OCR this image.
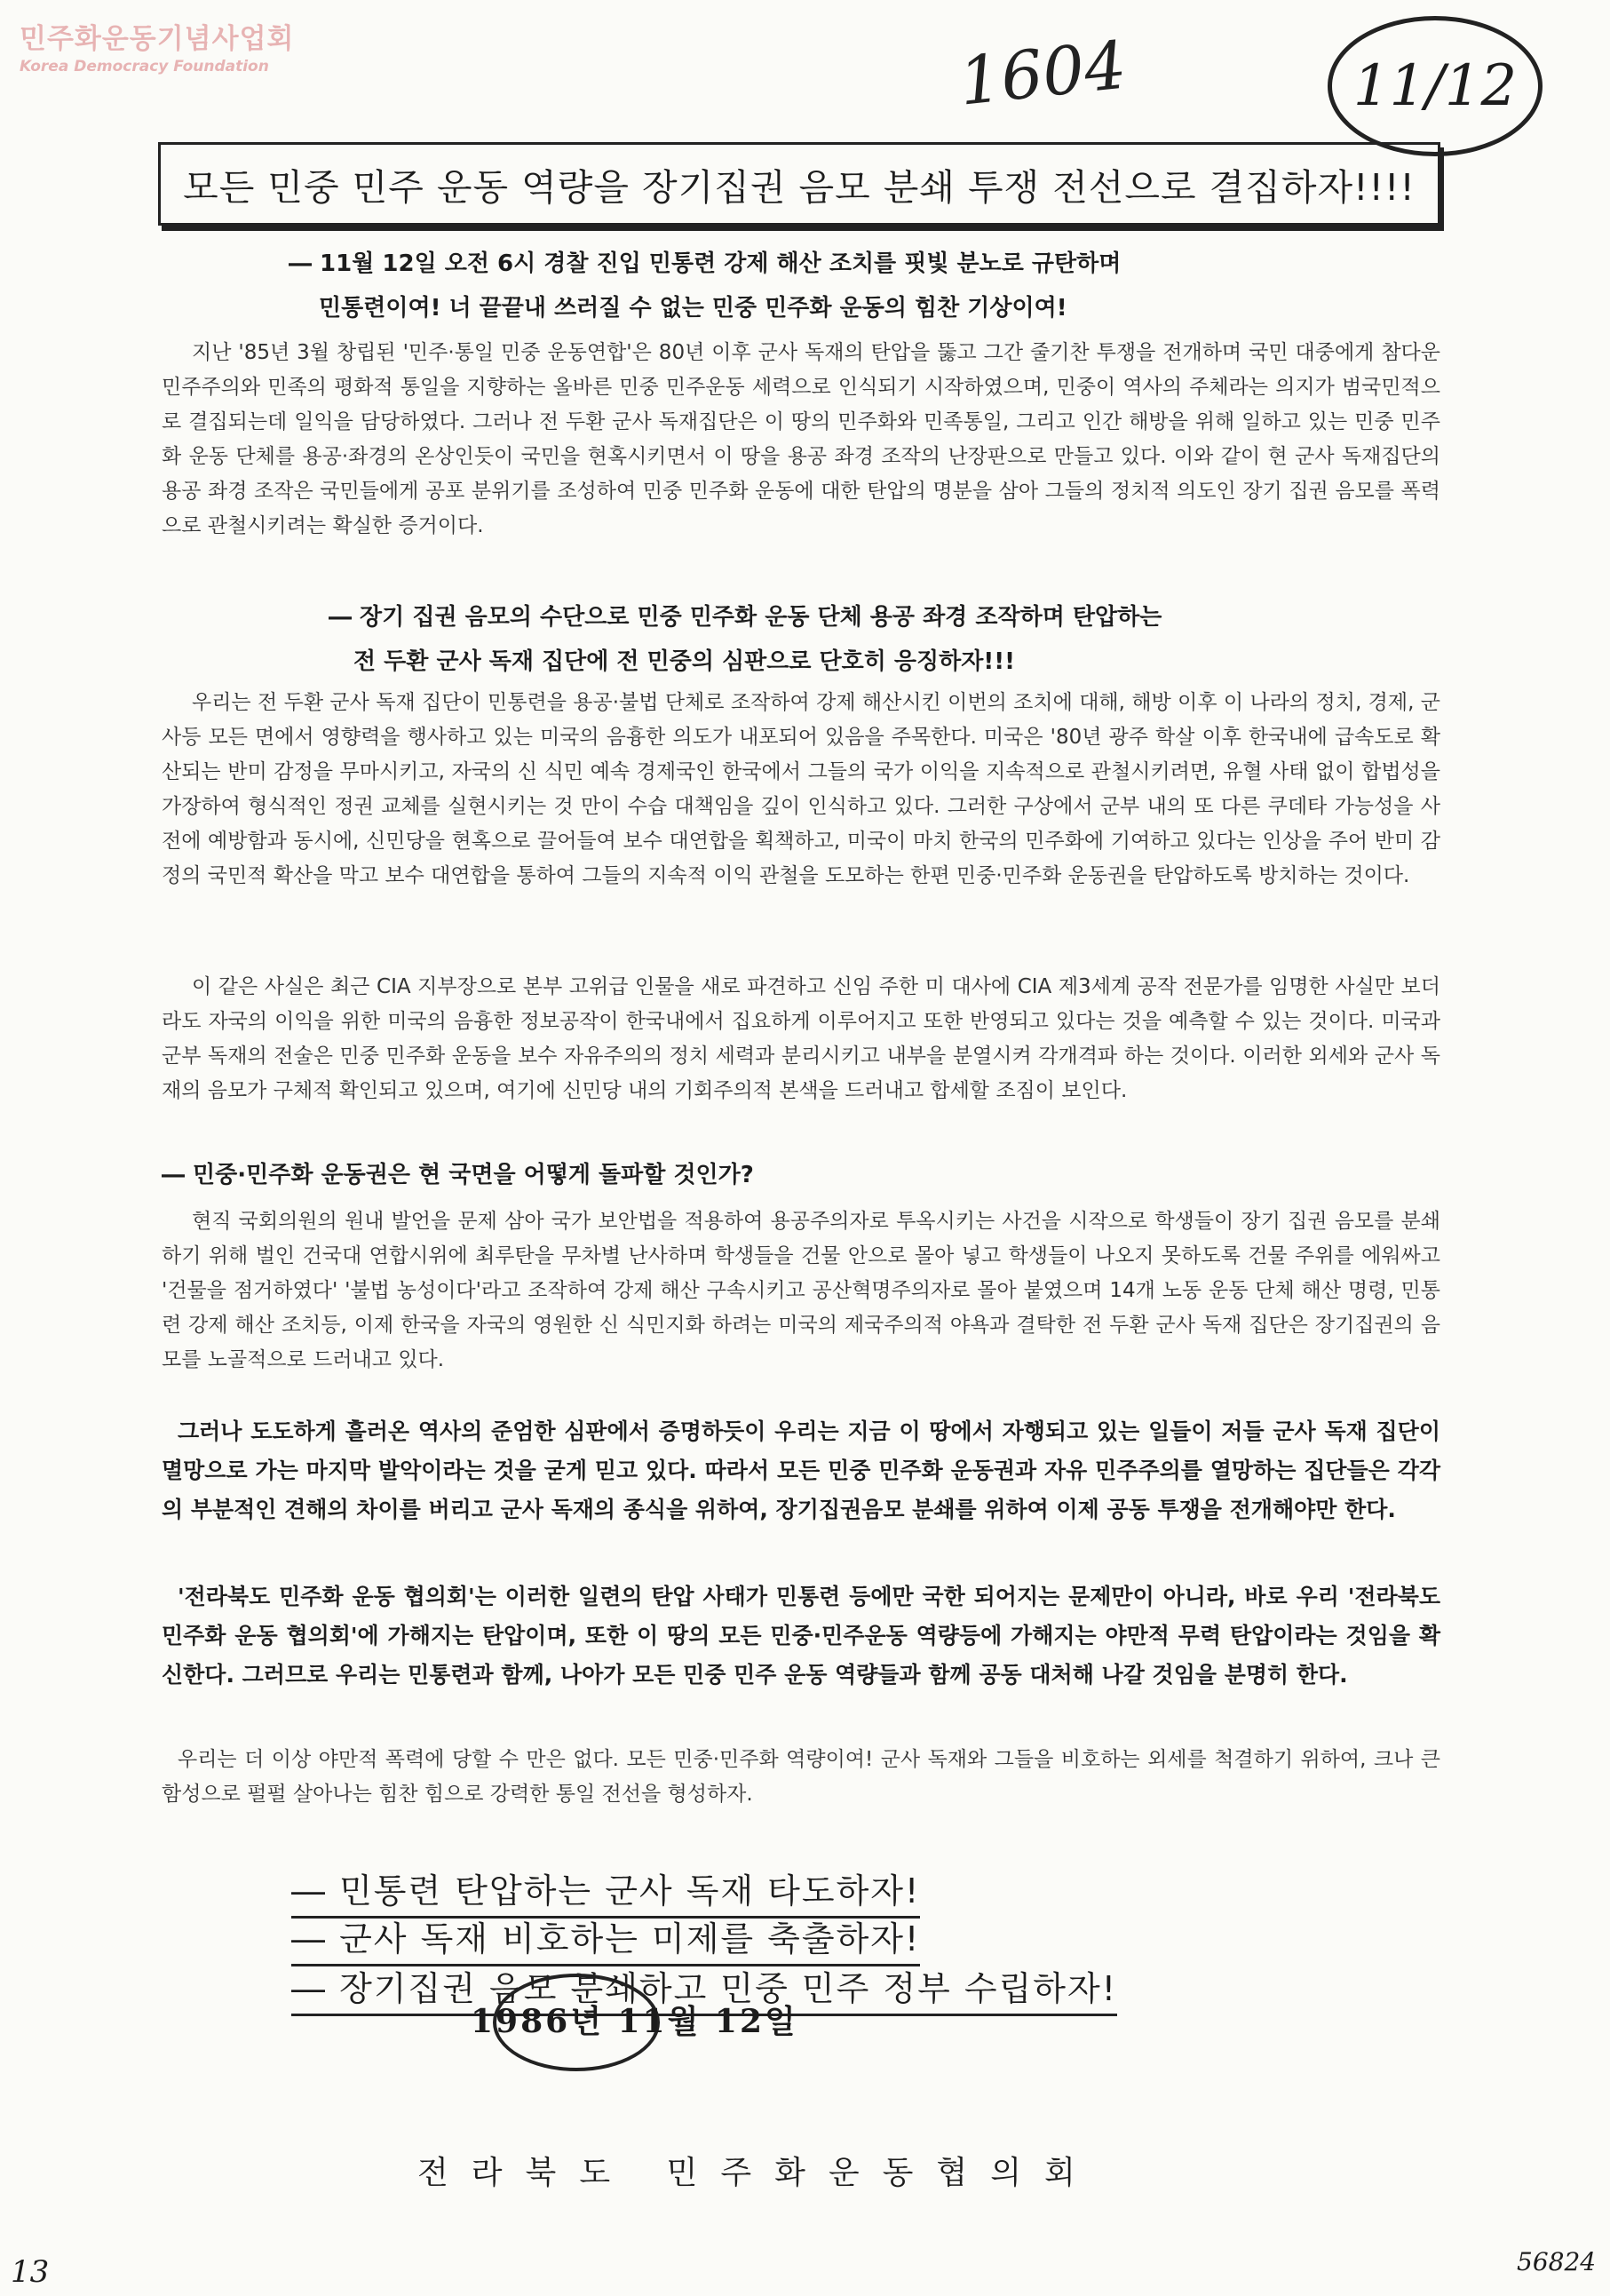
민주화운동기념사업회
Korea Democracy Foundation	1604	11/12
모든 민중 민주 운동 역량을 장기집권 음모 분쇄 투쟁 전선으로 결집하자!!!!
― 11월 12일 오전 6시 경찰 진입 민통련 강제 해산 조치를 핏빛 분노로 규탄하며
민통련이여! 너 끝끝내 쓰러질 수 없는 민중 민주화 운동의 힘찬 기상이여!
지난 '85년 3월 창립된 '민주·통일 민중 운동연합'은 80년 이후 군사 독재의 탄압을 뚫고 그간 줄기찬 투쟁을 전개하며 국민 대중에게 참다운 민주주의와 민족의 평화적 통일을 지향하는 올바른 민중 민주운동 세력으로 인식되기 시작하였으며, 민중이 역사의 주체라는 의지가 범국민적으로 결집되는데 일익을 담당하였다. 그러나 전 두환 군사 독재집단은 이 땅의 민주화와 민족통일, 그리고 인간 해방을 위해 일하고 있는 민중 민주화 운동 단체를 용공·좌경의 온상인듯이 국민을 현혹시키면서 이 땅을 용공 좌경 조작의 난장판으로 만들고 있다. 이와 같이 현 군사 독재집단의 용공 좌경 조작은 국민들에게 공포 분위기를 조성하여 민중 민주화 운동에 대한 탄압의 명분을 삼아 그들의 정치적 의도인 장기 집권 음모를 폭력으로 관철시키려는 확실한 증거이다.
― 장기 집권 음모의 수단으로 민중 민주화 운동 단체 용공 좌경 조작하며 탄압하는
전 두환 군사 독재 집단에 전 민중의 심판으로 단호히 응징하자!!!
우리는 전 두환 군사 독재 집단이 민통련을 용공·불법 단체로 조작하여 강제 해산시킨 이번의 조치에 대해, 해방 이후 이 나라의 정치, 경제, 군사등 모든 면에서 영향력을 행사하고 있는 미국의 음흉한 의도가 내포되어 있음을 주목한다. 미국은 '80년 광주 학살 이후 한국내에 급속도로 확산되는 반미 감정을 무마시키고, 자국의 신 식민 예속 경제국인 한국에서 그들의 국가 이익을 지속적으로 관철시키려면, 유혈 사태 없이 합법성을 가장하여 형식적인 정권 교체를 실현시키는 것 만이 수습 대책임을 깊이 인식하고 있다. 그러한 구상에서 군부 내의 또 다른 쿠데타 가능성을 사전에 예방함과 동시에, 신민당을 현혹으로 끌어들여 보수 대연합을 획책하고, 미국이 마치 한국의 민주화에 기여하고 있다는 인상을 주어 반미 감정의 국민적 확산을 막고 보수 대연합을 통하여 그들의 지속적 이익 관철을 도모하는 한편 민중·민주화 운동권을 탄압하도록 방치하는 것이다.
이 같은 사실은 최근 CIA 지부장으로 본부 고위급 인물을 새로 파견하고 신임 주한 미 대사에 CIA 제3세계 공작 전문가를 임명한 사실만 보더라도 자국의 이익을 위한 미국의 음흉한 정보공작이 한국내에서 집요하게 이루어지고 또한 반영되고 있다는 것을 예측할 수 있는 것이다. 미국과 군부 독재의 전술은 민중 민주화 운동을 보수 자유주의의 정치 세력과 분리시키고 내부을 분열시켜 각개격파 하는 것이다. 이러한 외세와 군사 독재의 음모가 구체적 확인되고 있으며, 여기에 신민당 내의 기회주의적 본색을 드러내고 합세할 조짐이 보인다.
― 민중·민주화 운동권은 현 국면을 어떻게 돌파할 것인가?
현직 국회의원의 원내 발언을 문제 삼아 국가 보안법을 적용하여 용공주의자로 투옥시키는 사건을 시작으로 학생들이 장기 집권 음모를 분쇄하기 위해 벌인 건국대 연합시위에 최루탄을 무차별 난사하며 학생들을 건물 안으로 몰아 넣고 학생들이 나오지 못하도록 건물 주위를 에워싸고 '건물을 점거하였다' '불법 농성이다'라고 조작하여 강제 해산 구속시키고 공산혁명주의자로 몰아 붙였으며 14개 노동 운동 단체 해산 명령, 민통련 강제 해산 조치등, 이제 한국을 자국의 영원한 신 식민지화 하려는 미국의 제국주의적 야욕과 결탁한 전 두환 군사 독재 집단은 장기집권의 음모를 노골적으로 드러내고 있다.
그러나 도도하게 흘러온 역사의 준엄한 심판에서 증명하듯이 우리는 지금 이 땅에서 자행되고 있는 일들이 저들 군사 독재 집단이 멸망으로 가는 마지막 발악이라는 것을 굳게 믿고 있다. 따라서 모든 민중 민주화 운동권과 자유 민주주의를 열망하는 집단들은 각각의 부분적인 견해의 차이를 버리고 군사 독재의 종식을 위하여, 장기집권음모 분쇄를 위하여 이제 공동 투쟁을 전개해야만 한다.
'전라북도 민주화 운동 협의회'는 이러한 일련의 탄압 사태가 민통련 등에만 국한 되어지는 문제만이 아니라, 바로 우리 '전라북도 민주화 운동 협의회'에 가해지는 탄압이며, 또한 이 땅의 모든 민중·민주운동 역량등에 가해지는 야만적 무력 탄압이라는 것임을 확신한다. 그러므로 우리는 민통련과 함께, 나아가 모든 민중 민주 운동 역량들과 함께 공동 대처해 나갈 것임을 분명히 한다.
우리는 더 이상 야만적 폭력에 당할 수 만은 없다. 모든 민중·민주화 역량이여! 군사 독재와 그들을 비호하는 외세를 척결하기 위하여, 크나 큰 함성으로 펄펄 살아나는 힘찬 힘으로 강력한 통일 전선을 형성하자.
― 민통련 탄압하는 군사 독재 타도하자!
― 군사 독재 비호하는 미제를 축출하자!
― 장기집권 음모 분쇄하고 민중 민주 정부 수립하자!
1986년 11월 12일
전라북도 민주화운동협의회
13	56824
